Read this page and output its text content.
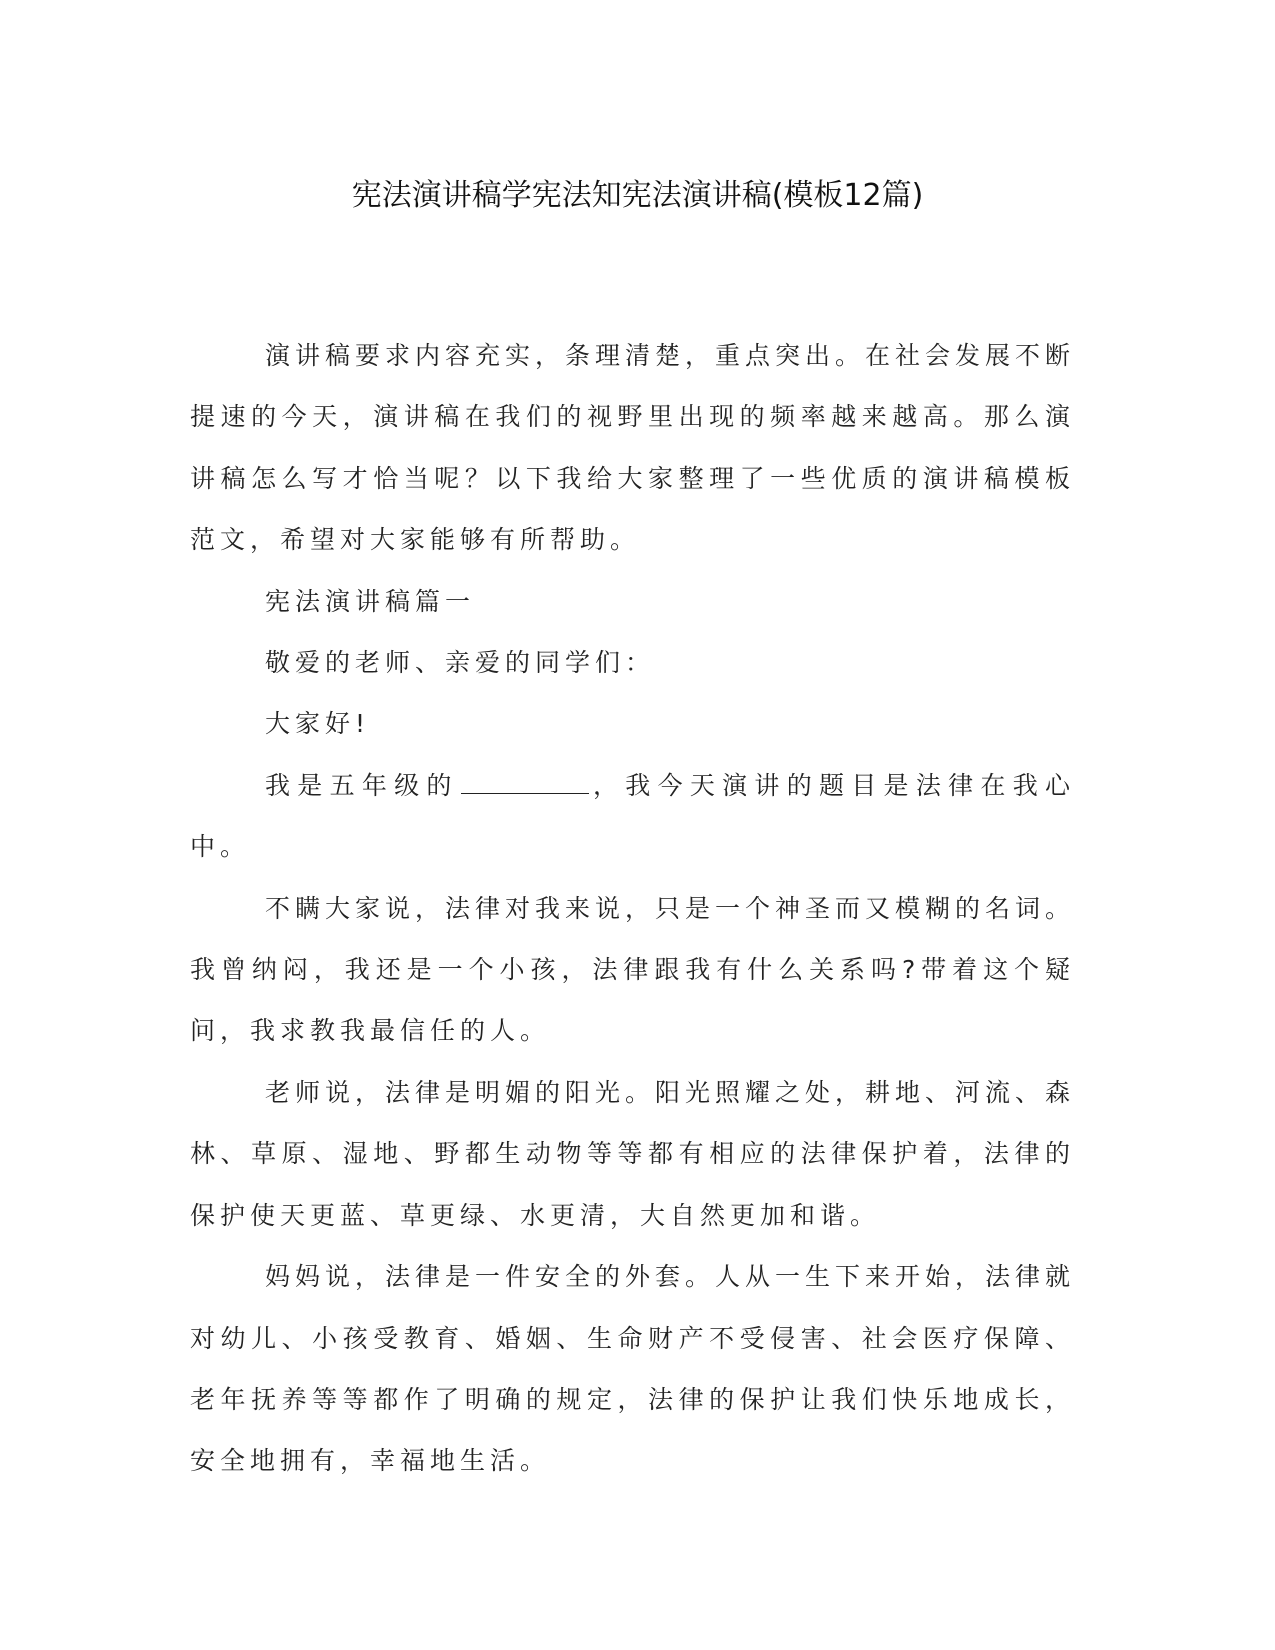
宪法演讲稿学宪法知宪法演讲稿(模板12篇)

演讲稿要求内容充实，条理清楚，重点突出。在社会发展不断提速的今天，演讲稿在我们的视野里出现的频率越来越高。那么演讲稿怎么写才恰当呢？以下我给大家整理了一些优质的演讲稿模板范文，希望对大家能够有所帮助。

宪法演讲稿篇一

敬爱的老师、亲爱的同学们：

大家好!

我是五年级的	，我今天演讲的题目是法律在我心中。

不瞒大家说，法律对我来说，只是一个神圣而又模糊的名词。我曾纳闷，我还是一个小孩，法律跟我有什么关系吗?带着这个疑问，我求教我最信任的人。

老师说，法律是明媚的阳光。阳光照耀之处，耕地、河流、森林、草原、湿地、野都生动物等等都有相应的法律保护着，法律的保护使天更蓝、草更绿、水更清，大自然更加和谐。

妈妈说，法律是一件安全的外套。人从一生下来开始，法律就对幼儿、小孩受教育、婚姻、生命财产不受侵害、社会医疗保障、老年抚养等等都作了明确的规定，法律的保护让我们快乐地成长，安全地拥有，幸福地生活。
